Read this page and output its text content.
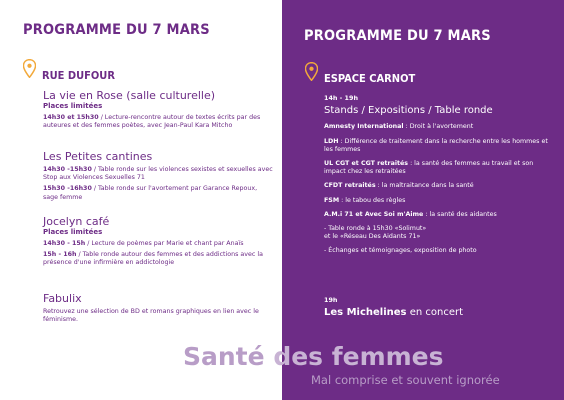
PROGRAMME DU 7 MARS
RUE DUFOUR
La vie en Rose (salle culturelle)
Places limitées
14h30 et 15h30 / Lecture-rencontre autour de textes écrits par des auteures et des femmes poètes, avec Jean-Paul Kara Mitcho
Les Petites cantines
14h30 -15h30 / Table ronde sur les violences sexistes et sexuelles avec Stop aux Violences Sexuelles 71
15h30 -16h30 / Table ronde sur l'avortement par Garance Repoux, sage femme
Jocelyn café
Places limitées
14h30 - 15h / Lecture de poèmes par Marie et chant par Anaïs
15h - 16h / Table ronde autour des femmes et des addictions avec la présence d'une infirmière en addictologie
Fabulix
Retrouvez une sélection de BD et romans graphiques en lien avec le féminisme.
PROGRAMME DU 7 MARS
ESPACE CARNOT
14h - 19h
Stands / Expositions / Table ronde
Amnesty International : Droit à l'avortement
LDH : Différence de traitement dans la recherche entre les hommes et les femmes
UL CGT et CGT retraités : la santé des femmes au travail et son impact chez les retraitées
CFDT retraités : la maltraitance dans la santé
FSM : le tabou des règles
A.M.i 71 et Avec Soi m'Aime : la santé des aidantes
- Table ronde à 15h30 «Solimut»
et le «Réseau Des Aidants 71»
- Échanges et témoignages, exposition de photo
19h
Les Michelines en concert
Santé des femmes
Mal comprise et souvent ignorée
